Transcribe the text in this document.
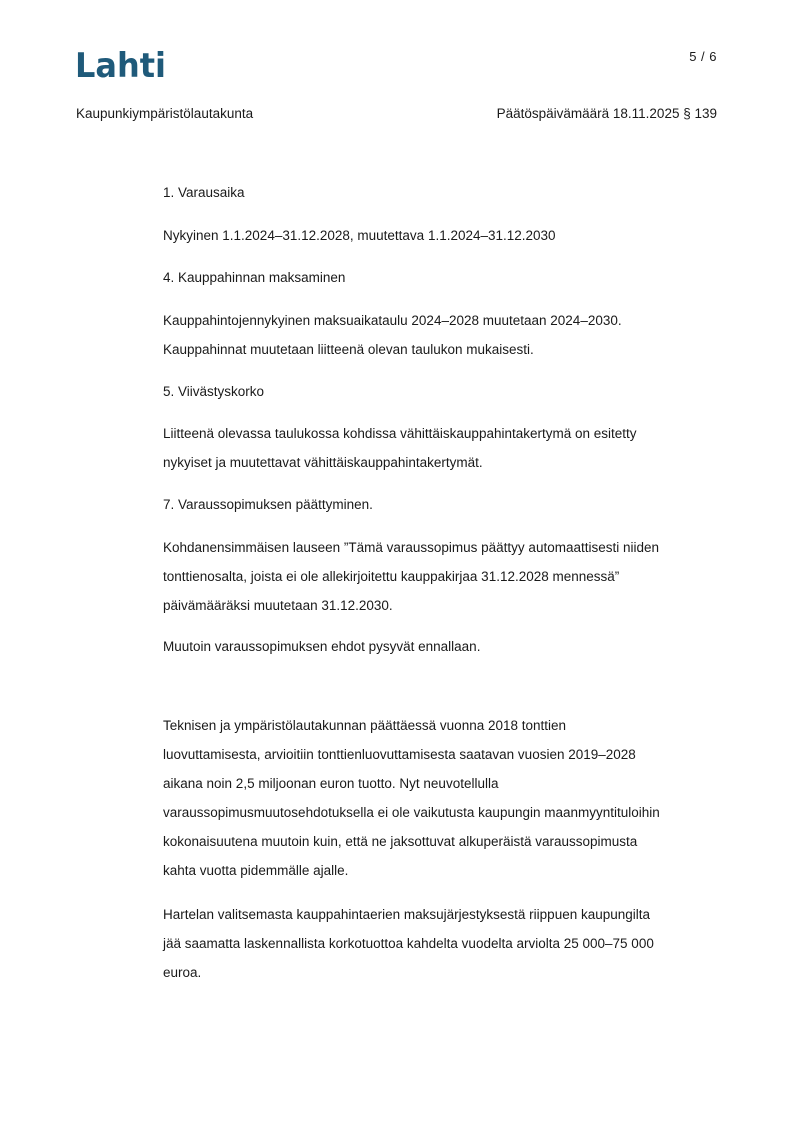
Lahti	5 / 6
Kaupunkiympäristölautakunta	Päätöspäivämäärä 18.11.2025 § 139

1. Varausaika

Nykyinen 1.1.2024–31.12.2028, muutettava 1.1.2024–31.12.2030

4. Kauppahinnan maksaminen

Kauppahintojennykyinen maksuaikataulu 2024–2028 muutetaan 2024–2030.

Kauppahinnat muutetaan liitteenä olevan taulukon mukaisesti.

5. Viivästyskorko

Liitteenä olevassa taulukossa kohdissa vähittäiskauppahintakertymä on esitetty

nykyiset ja muutettavat vähittäiskauppahintakertymät.

7. Varaussopimuksen päättyminen.

Kohdanensimmäisen lauseen ”Tämä varaussopimus päättyy automaattisesti niiden

tonttienosalta, joista ei ole allekirjoitettu kauppakirjaa 31.12.2028 mennessä”

päivämääräksi muutetaan 31.12.2030.

Muutoin varaussopimuksen ehdot pysyvät ennallaan.

Teknisen ja ympäristölautakunnan päättäessä vuonna 2018 tonttien

luovuttamisesta, arvioitiin tonttienluovuttamisesta saatavan vuosien 2019–2028

aikana noin 2,5 miljoonan euron tuotto. Nyt neuvotellulla

varaussopimusmuutosehdotuksella ei ole vaikutusta kaupungin maanmyyntituloihin

kokonaisuutena muutoin kuin, että ne jaksottuvat alkuperäistä varaussopimusta

kahta vuotta pidemmälle ajalle.

Hartelan valitsemasta kauppahintaerien maksujärjestyksestä riippuen kaupungilta

jää saamatta laskennallista korkotuottoa kahdelta vuodelta arviolta 25 000–75 000

euroa.
